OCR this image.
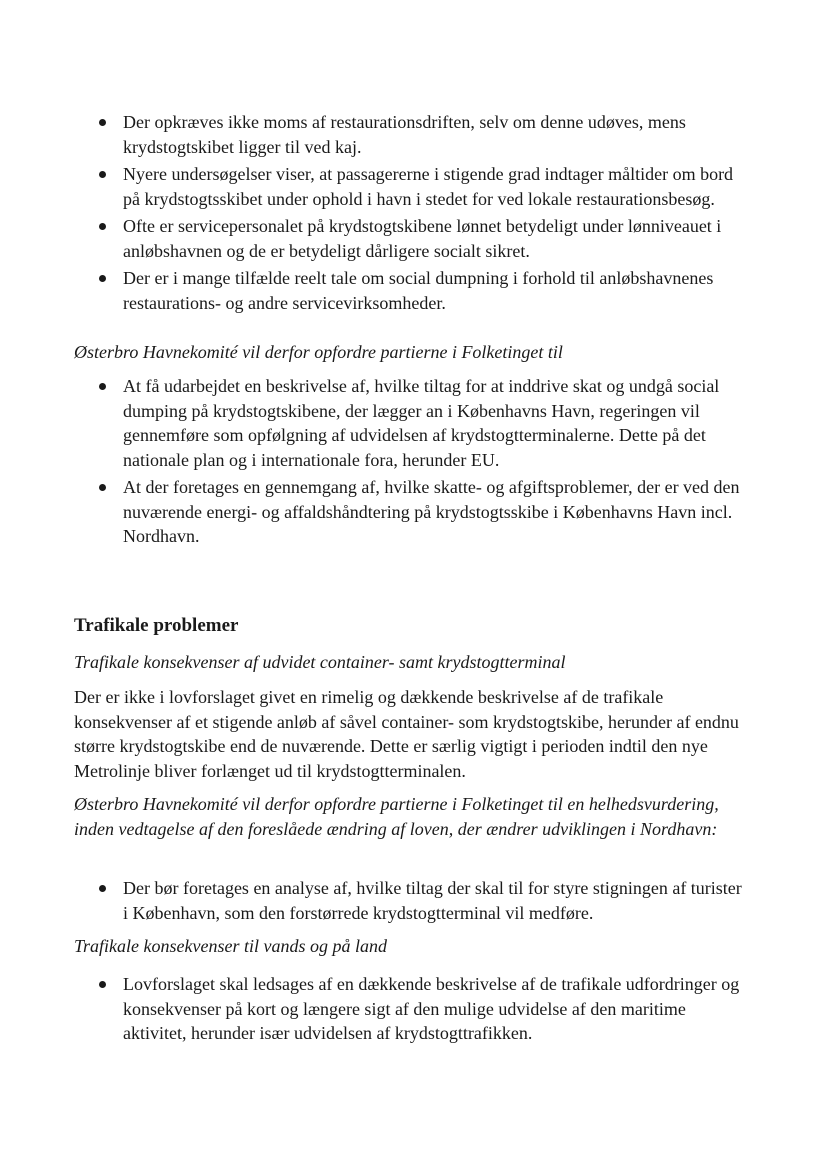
Der opkræves ikke moms af restaurationsdriften, selv om denne udøves, mens krydstogtskibet ligger til ved kaj.
Nyere undersøgelser viser, at passagererne i stigende grad indtager måltider om bord på krydstogtsskibet under ophold i havn i stedet for ved lokale restaurationsbesøg.
Ofte er servicepersonalet på krydstogtskibene lønnet betydeligt under lønniveauet i anløbshavnen og de er betydeligt dårligere socialt sikret.
Der er i mange tilfælde reelt tale om social dumpning i forhold til anløbshavnenes restaurations- og andre servicevirksomheder.

Østerbro Havnekomité vil derfor opfordre partierne i Folketinget til

At få udarbejdet en beskrivelse af, hvilke tiltag for at inddrive skat og undgå social dumping på krydstogtskibene, der lægger an i Københavns Havn, regeringen vil gennemføre som opfølgning af udvidelsen af krydstogtterminalerne. Dette på det nationale plan og i internationale fora, herunder EU.
At der foretages en gennemgang af, hvilke skatte- og afgiftsproblemer, der er ved den nuværende energi- og affaldshåndtering på krydstogtsskibe i Københavns Havn incl. Nordhavn.
Trafikale problemer

Trafikale konsekvenser af udvidet container- samt krydstogtterminal

Der er ikke i lovforslaget givet en rimelig og dækkende beskrivelse af de trafikale konsekvenser af et stigende anløb af såvel container- som krydstogtskibe, herunder af endnu større krydstogtskibe end de nuværende. Dette er særlig vigtigt i perioden indtil den nye Metrolinje bliver forlænget ud til krydstogtterminalen.

Østerbro Havnekomité vil derfor opfordre partierne i Folketinget til en helhedsvurdering, inden vedtagelse af den foreslåede ændring af loven, der ændrer udviklingen i Nordhavn:

Der bør foretages en analyse af, hvilke tiltag der skal til for styre stigningen af turister i København, som den forstørrede krydstogtterminal vil medføre.

Trafikale konsekvenser til vands og på land

Lovforslaget skal ledsages af en dækkende beskrivelse af de trafikale udfordringer og konsekvenser på kort og længere sigt af den mulige udvidelse af den maritime aktivitet, herunder især udvidelsen af krydstogttrafikken.
